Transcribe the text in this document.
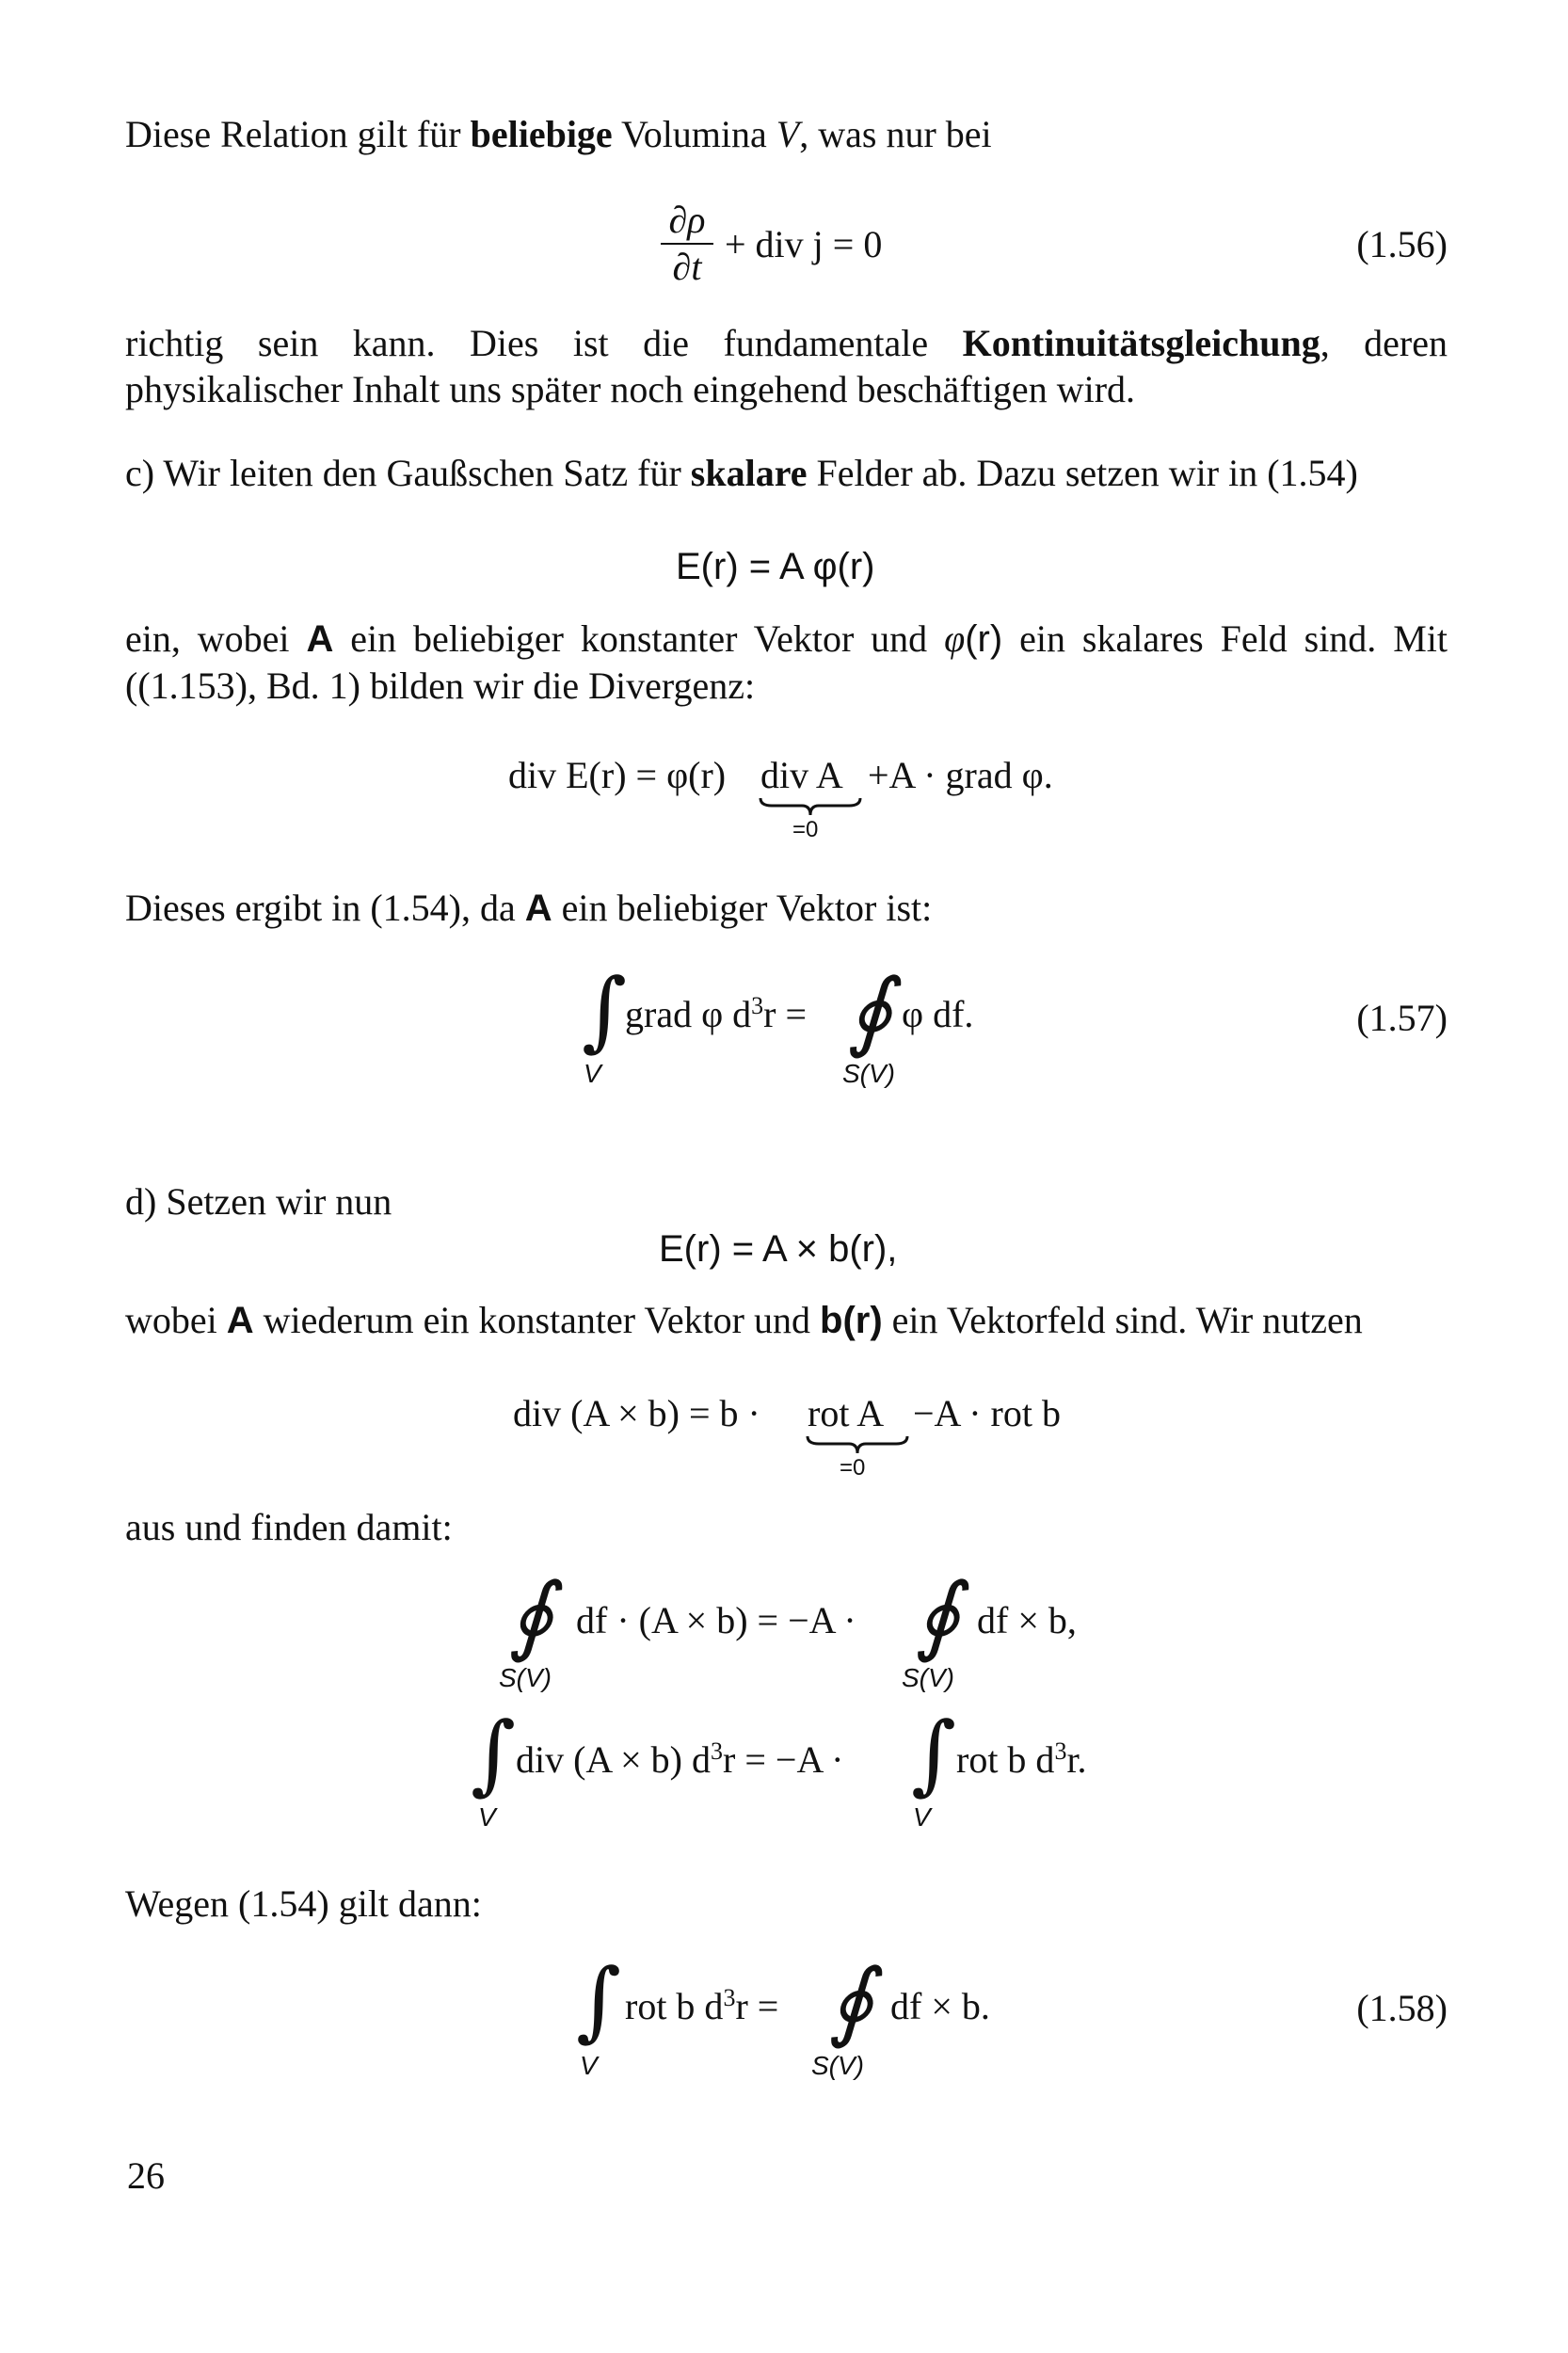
Diese Relation gilt für beliebige Volumina V, was nur bei

∂ρ
∂t
+ div j = 0	(1.56)

richtig sein kann. Dies ist die fundamentale Kontinuitätsgleichung, deren physikalischer Inhalt uns später noch eingehend beschäftigen wird.

c) Wir leiten den Gaußschen Satz für skalare Felder ab. Dazu setzen wir in (1.54)

E(r) = A φ(r)

ein, wobei A ein beliebiger konstanter Vektor und φ(r) ein skalares Feld sind. Mit ((1.153), Bd. 1) bilden wir die Divergenz:

div E(r) = φ(r) div A
=0
+A · grad φ.

Dieses ergibt in (1.54), da A ein beliebiger Vektor ist:

∫
grad φ $d^3r$ = ∮ φ df.
V	S(V)
(1.57)

d) Setzen wir nun

E(r) = A × b(r),

wobei A wiederum ein konstanter Vektor und b(r) ein Vektorfeld sind. Wir nutzen

div (A × b) = b · rot A
=0
−A · rot b

aus und finden damit:

∮ df · (A × b) = −A · ∮ df × b,
S(V)	S(V)
∫ div (A × b) $d^3r = -A$ · ∫ rot b $d^3r$.
V	V

Wegen (1.54) gilt dann:

∫ rot b $d^3r$ = ∮ df × b.
V	S(V)
(1.58)
26
